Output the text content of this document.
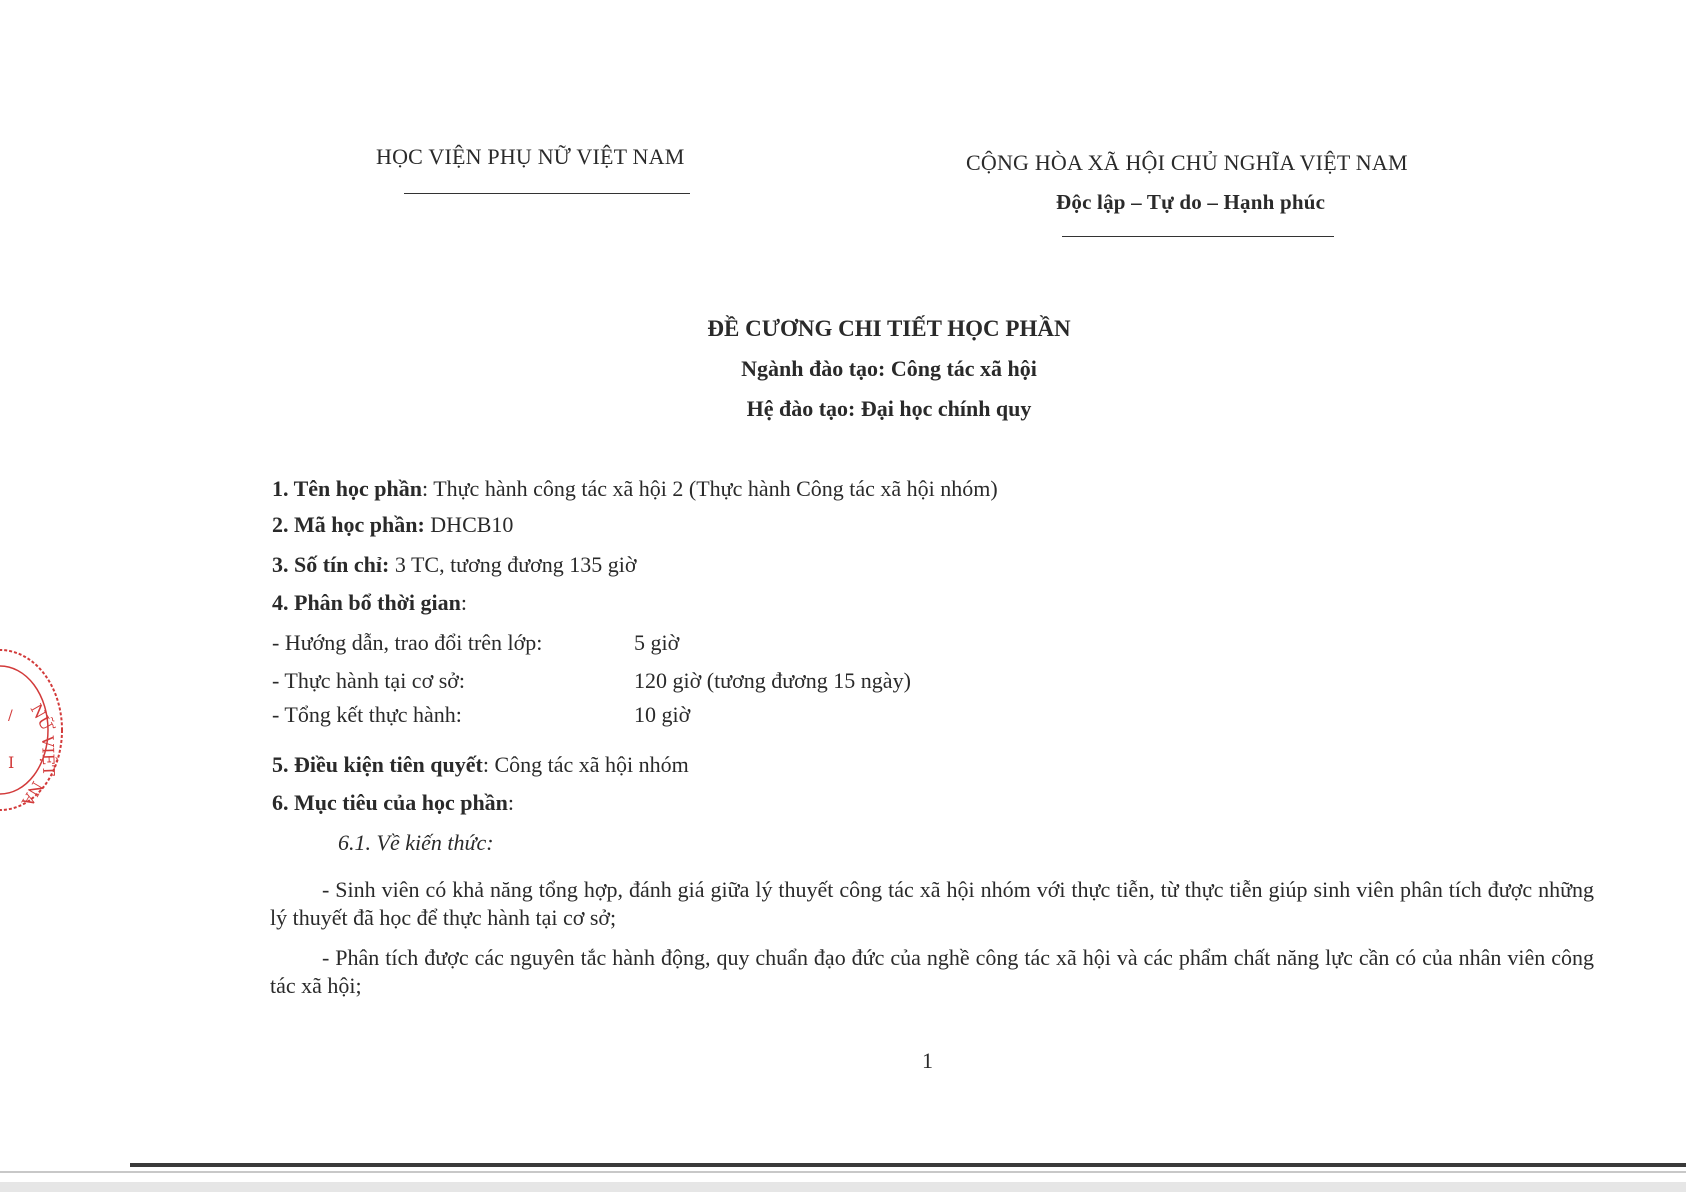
HỌC VIỆN PHỤ NỮ VIỆT NAM	CỘNG HÒA XÃ HỘI CHỦ NGHĨA VIỆT NAM
Độc lập – Tự do – Hạnh phúc
ĐỀ CƯƠNG CHI TIẾT HỌC PHẦN
Ngành đào tạo: Công tác xã hội
Hệ đào tạo: Đại học chính quy
1. Tên học phần: Thực hành công tác xã hội 2 (Thực hành Công tác xã hội nhóm)
2. Mã học phần: DHCB10
3. Số tín chỉ: 3 TC, tương đương 135 giờ
4. Phân bổ thời gian:
- Hướng dẫn, trao đổi trên lớp:	5 giờ
- Thực hành tại cơ sở:	120 giờ (tương đương 15 ngày)
- Tổng kết thực hành:	10 giờ
5. Điều kiện tiên quyết: Công tác xã hội nhóm
6. Mục tiêu của học phần:
6.1. Về kiến thức:
- Sinh viên có khả năng tổng hợp, đánh giá giữa lý thuyết công tác xã hội nhóm với thực tiễn, từ thực tiễn giúp sinh viên phân tích được những lý thuyết đã học để thực hành tại cơ sở;
- Phân tích được các nguyên tắc hành động, quy chuẩn đạo đức của nghề công tác xã hội và các phẩm chất năng lực cần có của nhân viên công tác xã hội;
1
NỮ
VIỆT
NA
/
I
